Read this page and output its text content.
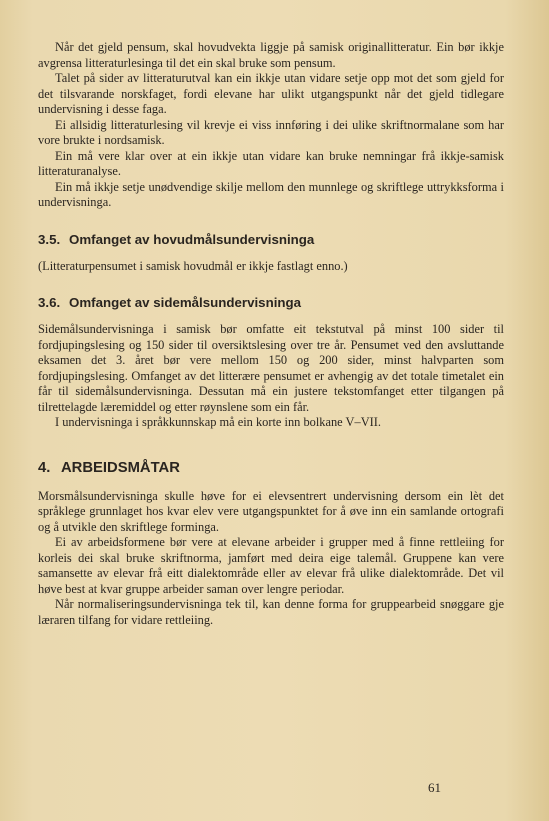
Når det gjeld pensum, skal hovudvekta liggje på samisk originallitteratur. Ein bør ikkje avgrensa litteraturlesinga til det ein skal bruke som pensum.

Talet på sider av litteraturutval kan ein ikkje utan vidare setje opp mot det som gjeld for det tilsvarande norskfaget, fordi elevane har ulikt utgangspunkt når det gjeld tidlegare undervisning i desse faga.

Ei allsidig litteraturlesing vil krevje ei viss innføring i dei ulike skriftnormalane som har vore brukte i nordsamisk.

Ein må vere klar over at ein ikkje utan vidare kan bruke nemningar frå ikkje-samisk litteraturanalyse.

Ein må ikkje setje unødvendige skilje mellom den munnlege og skriftlege uttrykksforma i undervisninga.

3.5. Omfanget av hovudmålsundervisninga

(Litteraturpensumet i samisk hovudmål er ikkje fastlagt enno.)

3.6. Omfanget av sidemålsundervisninga

Sidemålsundervisninga i samisk bør omfatte eit tekstutval på minst 100 sider til fordjupingslesing og 150 sider til oversiktslesing over tre år. Pensumet ved den avsluttande eksamen det 3. året bør vere mellom 150 og 200 sider, minst halvparten som fordjupingslesing. Omfanget av det litterære pensumet er avhengig av det totale timetalet ein får til sidemålsundervisninga. Dessutan må ein justere tekstomfanget etter tilgangen på tilrettelagde læremiddel og etter røynslene som ein får.

I undervisninga i språkkunnskap må ein korte inn bolkane V–VII.

4. ARBEIDSMÅTAR

Morsmålsundervisninga skulle høve for ei elevsentrert undervisning dersom ein lèt det språklege grunnlaget hos kvar elev vere utgangspunktet for å øve inn ein samlande ortografi og å utvikle den skriftlege forminga.

Ei av arbeidsformene bør vere at elevane arbeider i grupper med å finne rettleiing for korleis dei skal bruke skriftnorma, jamført med deira eige talemål. Gruppene kan vere samansette av elevar frå eitt dialektområde eller av elevar frå ulike dialektområde. Det vil høve best at kvar gruppe arbeider saman over lengre periodar.

Når normaliseringsundervisninga tek til, kan denne forma for gruppearbeid snøggare gje læraren tilfang for vidare rettleiing.

61
